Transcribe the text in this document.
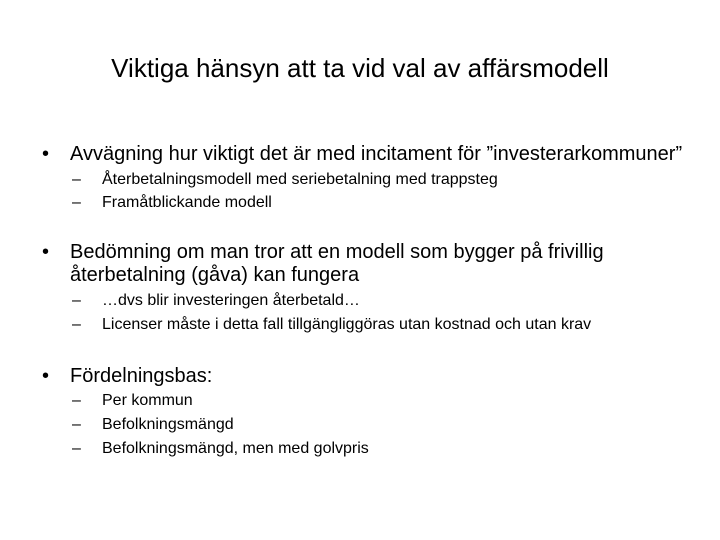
Viktiga hänsyn att ta vid val av affärsmodell
• Avvägning hur viktigt det är med incitament för ”investerarkommuner”
– Återbetalningsmodell med seriebetalning med trappsteg
– Framåtblickande modell
• Bedömning om man tror att en modell som bygger på frivillig återbetalning (gåva) kan fungera
– …dvs blir investeringen återbetald…
– Licenser måste i detta fall tillgängliggöras utan kostnad och utan krav
• Fördelningsbas:
– Per kommun
– Befolkningsmängd
– Befolkningsmängd, men med golvpris
